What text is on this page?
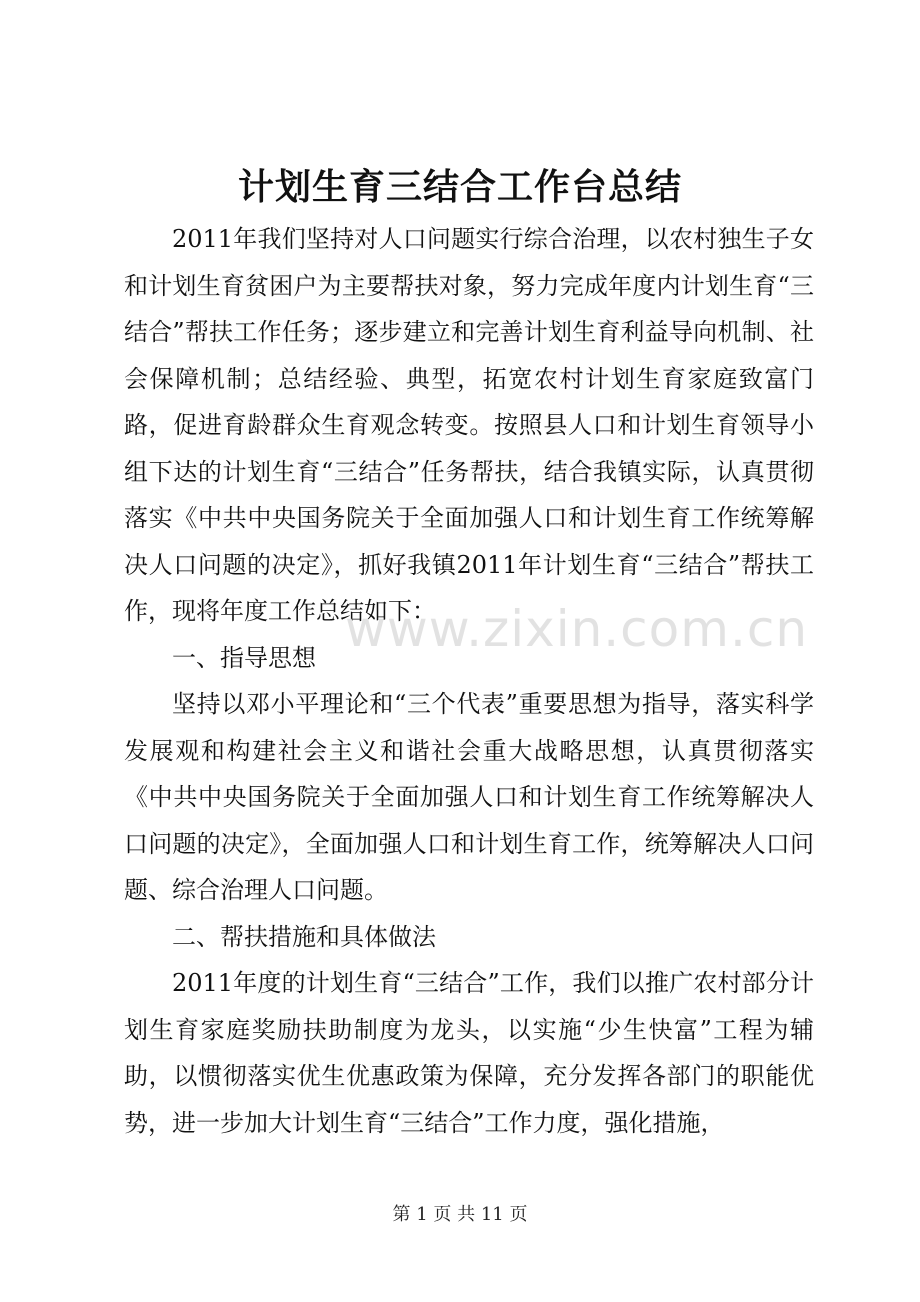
计划生育三结合工作台总结

2011年我们坚持对人口问题实行综合治理，以农村独生子女和计划生育贫困户为主要帮扶对象，努力完成年度内计划生育“三结合”帮扶工作任务；逐步建立和完善计划生育利益导向机制、社会保障机制；总结经验、典型，拓宽农村计划生育家庭致富门路，促进育龄群众生育观念转变。按照县人口和计划生育领导小组下达的计划生育“三结合”任务帮扶，结合我镇实际，认真贯彻落实《中共中央国务院关于全面加强人口和计划生育工作统筹解决人口问题的决定》，抓好我镇2011年计划生育“三结合”帮扶工作，现将年度工作总结如下：

一、指导思想

坚持以邓小平理论和“三个代表”重要思想为指导，落实科学发展观和构建社会主义和谐社会重大战略思想，认真贯彻落实《中共中央国务院关于全面加强人口和计划生育工作统筹解决人口问题的决定》，全面加强人口和计划生育工作，统筹解决人口问题、综合治理人口问题。

二、帮扶措施和具体做法

2011年度的计划生育“三结合”工作，我们以推广农村部分计划生育家庭奖励扶助制度为龙头，以实施“少生快富”工程为辅助，以惯彻落实优生优惠政策为保障，充分发挥各部门的职能优势，进一步加大计划生育“三结合”工作力度，强化措施，

www.zixin.com.cn
第 1 页 共 11 页
